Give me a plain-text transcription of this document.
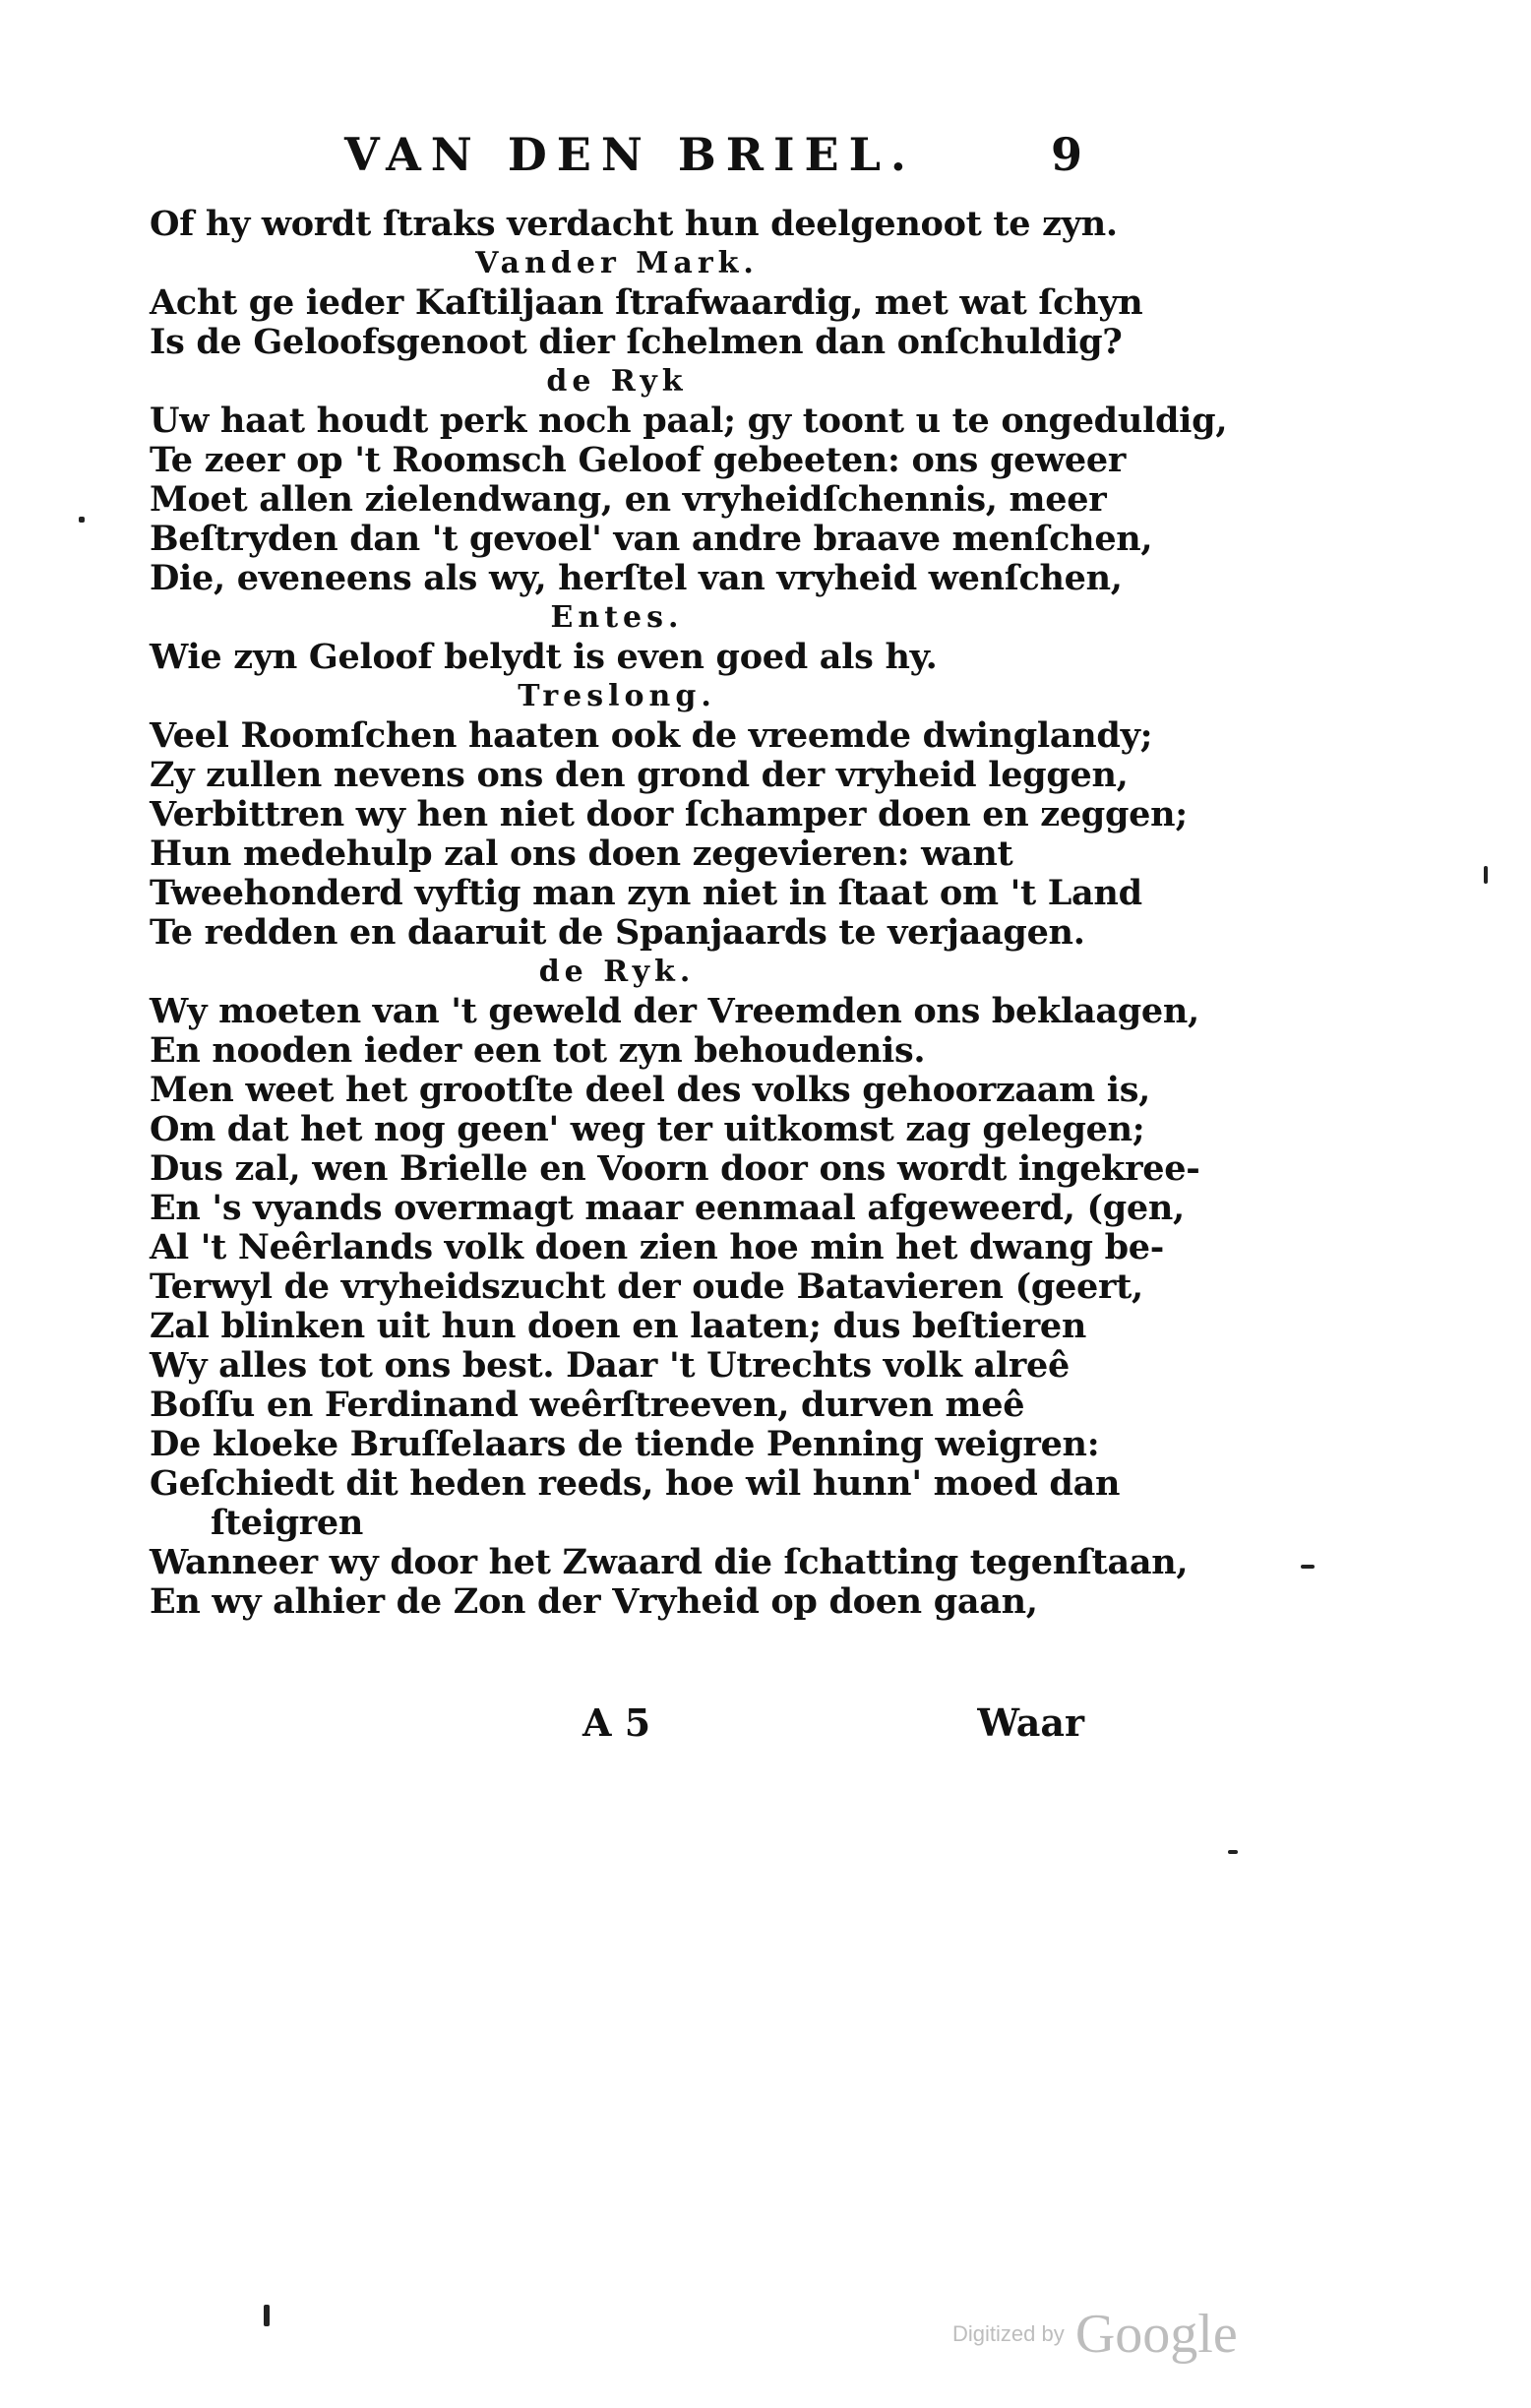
VAN DEN BRIEL.	9
Of hy wordt ſtraks verdacht hun deelgenoot te zyn.
Vander Mark.
Acht ge ieder Kaſtiljaan ſtrafwaardig, met wat ſchyn
Is de Geloofsgenoot dier ſchelmen dan onſchuldig?
de Ryk
Uw haat houdt perk noch paal; gy toont u te ongeduldig,
Te zeer op 't Roomsch Geloof gebeeten: ons geweer
Moet allen zielendwang, en vryheidſchennis, meer
Beſtryden dan 't gevoel' van andre braave menſchen,
Die, eveneens als wy, herſtel van vryheid wenſchen,
Entes.
Wie zyn Geloof belydt is even goed als hy.
Treslong.
Veel Roomſchen haaten ook de vreemde dwinglandy;
Zy zullen nevens ons den grond der vryheid leggen,
Verbittren wy hen niet door ſchamper doen en zeggen;
Hun medehulp zal ons doen zegevieren: want
Tweehonderd vyftig man zyn niet in ſtaat om 't Land
Te redden en daaruit de Spanjaards te verjaagen.
de Ryk.
Wy moeten van 't geweld der Vreemden ons beklaagen,
En nooden ieder een tot zyn behoudenis.
Men weet het grootſte deel des volks gehoorzaam is,
Om dat het nog geen' weg ter uitkomst zag gelegen;
Dus zal, wen Brielle en Voorn door ons wordt ingekree-
En 's vyands overmagt maar eenmaal afgeweerd, (gen,
Al 't Neêrlands volk doen zien hoe min het dwang be-
Terwyl de vryheidszucht der oude Batavieren (geert,
Zal blinken uit hun doen en laaten; dus beſtieren
Wy alles tot ons best. Daar 't Utrechts volk alreê
Boſſu en Ferdinand weêrſtreeven, durven meê
De kloeke Bruſſelaars de tiende Penning weigren:
Geſchiedt dit heden reeds, hoe wil hunn' moed dan
ſteigren
Wanneer wy door het Zwaard die ſchatting tegenſtaan,
En wy alhier de Zon der Vryheid op doen gaan,
A 5	Waar
Digitized by Google
